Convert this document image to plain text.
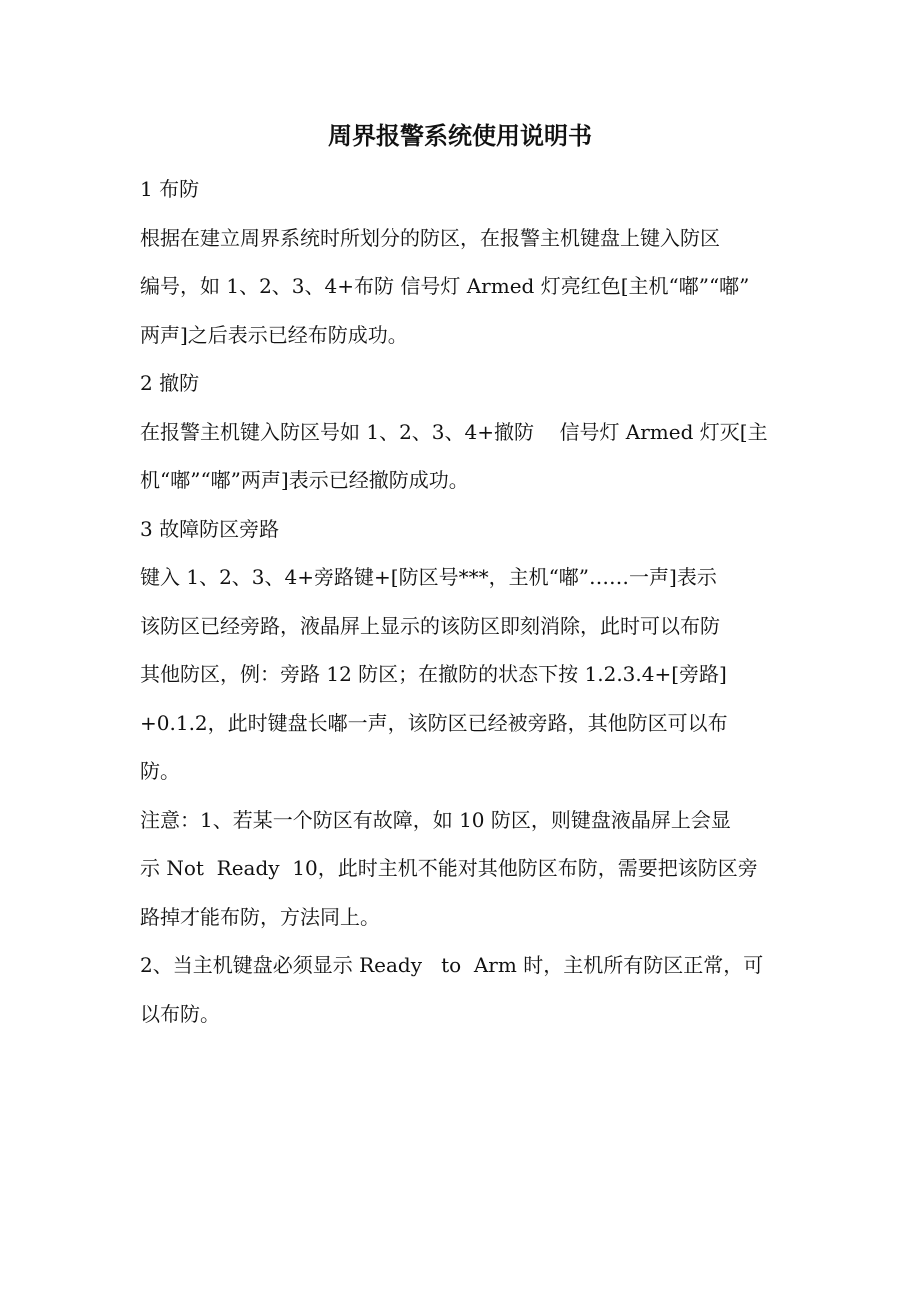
周界报警系统使用说明书

1 布防

根据在建立周界系统时所划分的防区，在报警主机键盘上键入防区

编号，如 1、2、3、4+布防 信号灯 Armed 灯亮红色[主机“嘟”“嘟”

两声]之后表示已经布防成功。

2 撤防

在报警主机键入防区号如 1、2、3、4+撤防    信号灯 Armed 灯灭[主

机“嘟”“嘟”两声]表示已经撤防成功。

3 故障防区旁路

键入 1、2、3、4+旁路键+[防区号***，主机“嘟”……一声]表示

该防区已经旁路，液晶屏上显示的该防区即刻消除，此时可以布防

其他防区，例：旁路 12 防区；在撤防的状态下按 1.2.3.4+[旁路]

+0.1.2，此时键盘长嘟一声，该防区已经被旁路，其他防区可以布

防。

注意：1、若某一个防区有故障，如 10 防区，则键盘液晶屏上会显

示 Not  Ready  10，此时主机不能对其他防区布防，需要把该防区旁

路掉才能布防，方法同上。

2、当主机键盘必须显示 Ready   to  Arm 时，主机所有防区正常，可

以布防。
